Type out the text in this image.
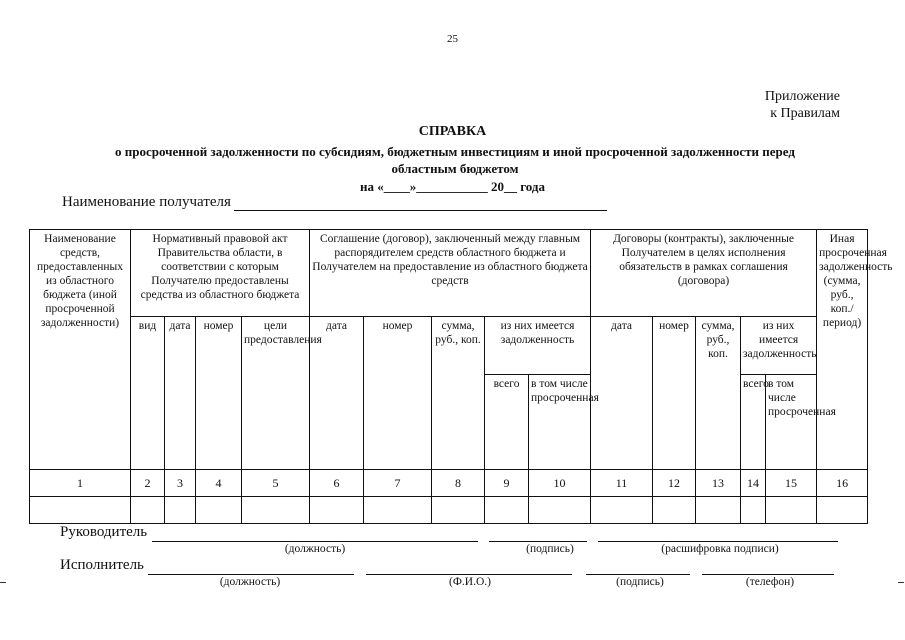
25
Приложение
к Правилам
СПРАВКА
о просроченной задолженности по субсидиям, бюджетным инвестициям и иной просроченной задолженности перед областным бюджетом
на «____»___________ 20__ года
Наименование получателя
Наименование средств, предоставленных из областного бюджета (иной просроченной задолженности)	Нормативный правовой акт Правительства области, в соответствии с которым Получателю предоставлены средства из областного бюджета				Соглашение (договор), заключенный между главным распорядителем средств областного бюджета и Получателем на предоставление из областного бюджета средств					Договоры (контракты), заключенные Получателем в целях исполнения обязательств в рамках соглашения (договора)					Иная просроченная задолженность (сумма, руб., коп./период)
	вид	дата	номер	цели предоставления	дата	номер	сумма, руб., коп.	из них имеется задолженность		дата	номер	сумма, руб., коп.	из них имеется задолженность		
								всего	в том числе просроченная				всего	в том числе просроченная	
1	2	3	4	5	6	7	8	9	10	11	12	13	14	15	16

Руководитель
(должность)	(подпись)	(расшифровка подписи)
Исполнитель
(должность)	(Ф.И.О.)	(подпись)	(телефон)
